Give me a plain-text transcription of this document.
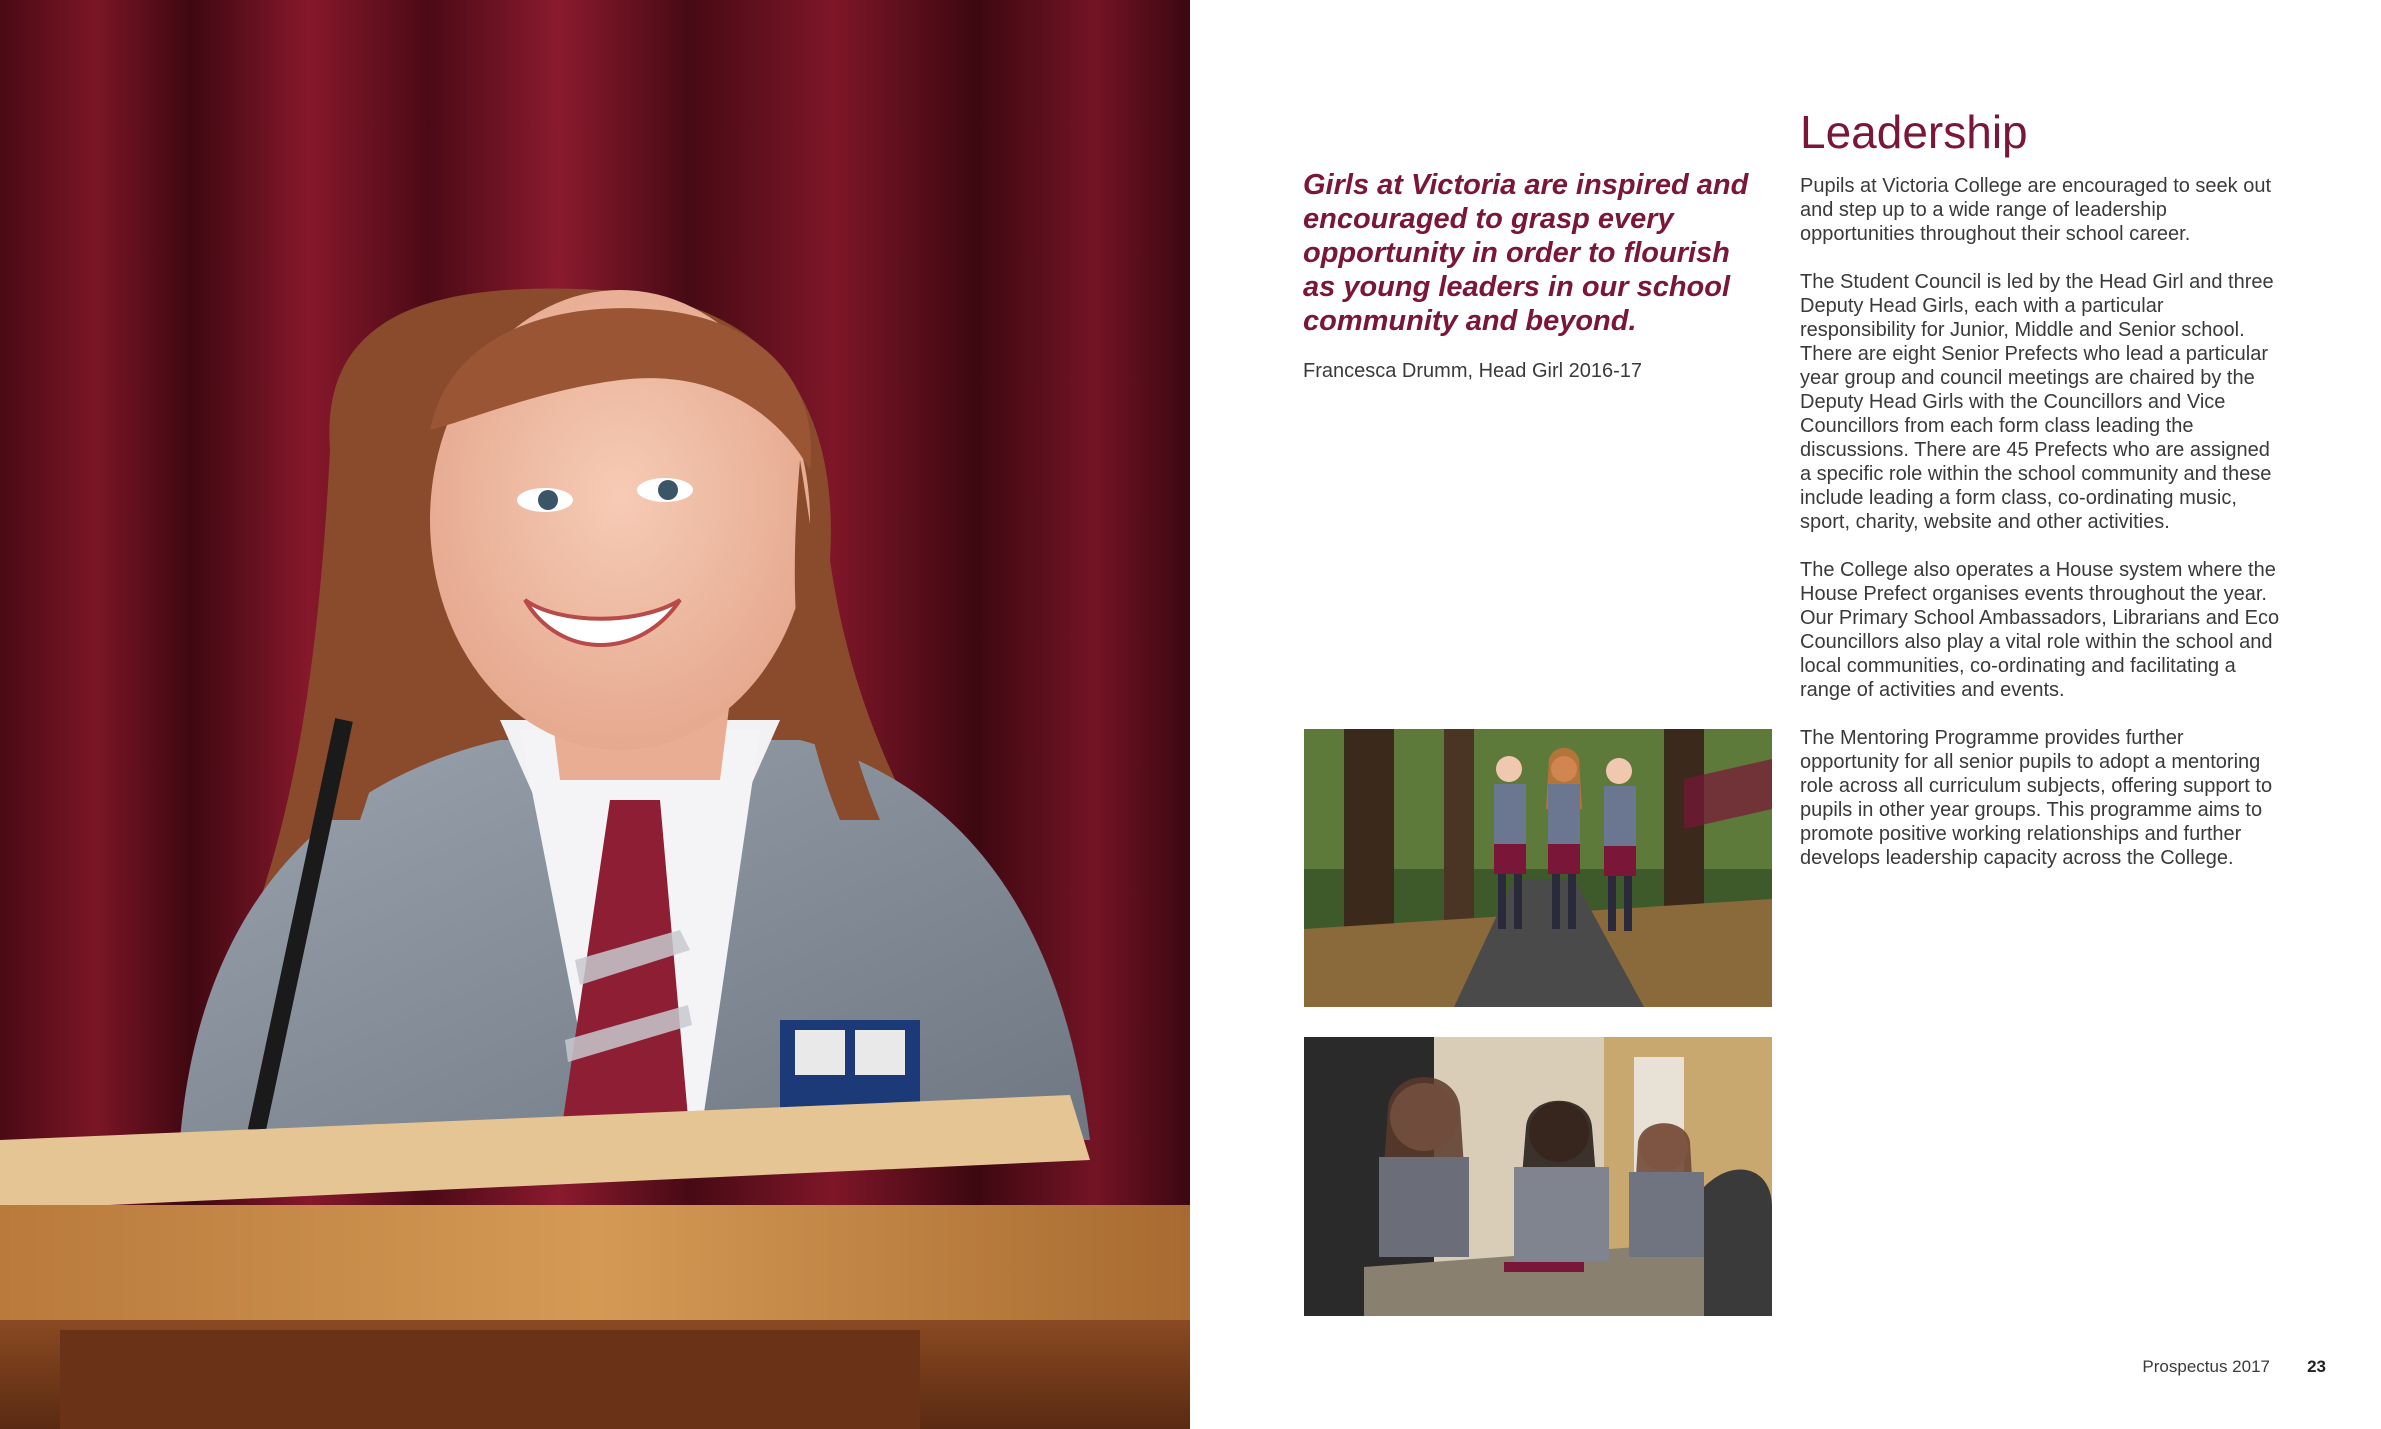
Girls at Victoria are inspired and encouraged to grasp every opportunity in order to flourish as young leaders in our school community and beyond.

Francesca Drumm, Head Girl 2016-17

Leadership

Pupils at Victoria College are encouraged to seek out and step up to a wide range of leadership opportunities throughout their school career.

The Student Council is led by the Head Girl and three Deputy Head Girls, each with a particular responsibility for Junior, Middle and Senior school. There are eight Senior Prefects who lead a particular year group and council meetings are chaired by the Deputy Head Girls with the Councillors and Vice Councillors from each form class leading the discussions. There are 45 Prefects who are assigned a specific role within the school community and these include leading a form class, co-ordinating music, sport, charity, website and other activities.

The College also operates a House system where the House Prefect organises events throughout the year. Our Primary School Ambassadors, Librarians and Eco Councillors also play a vital role within the school and local communities, co-ordinating and facilitating a range of activities and events.

The Mentoring Programme provides further opportunity for all senior pupils to adopt a mentoring role across all curriculum subjects, offering support to pupils in other year groups. This programme aims to promote positive working relationships and further develops leadership capacity across the College.

Prospectus 2017 23
